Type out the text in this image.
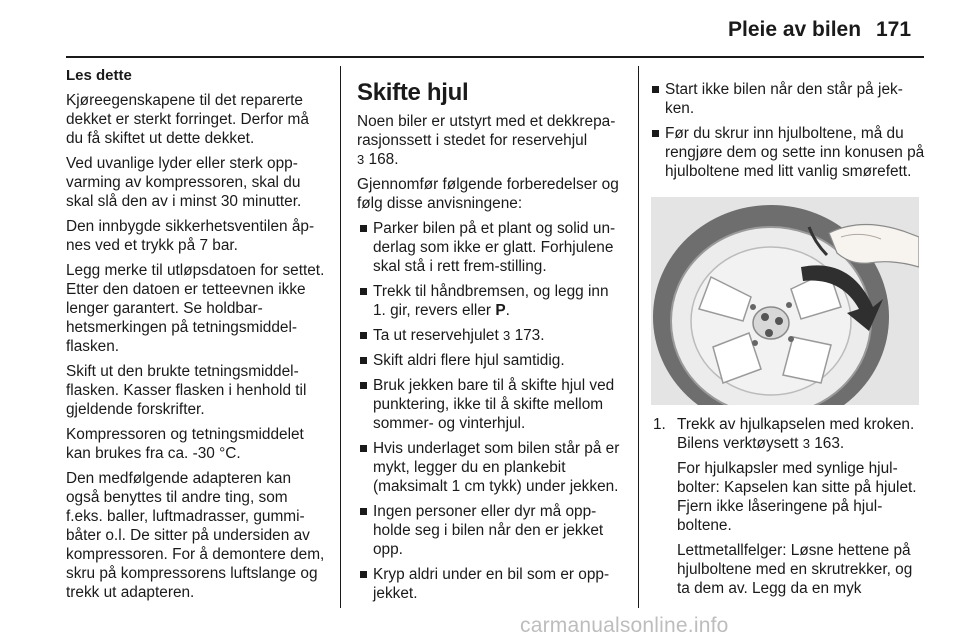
Pleie av bilen 171

Les dette

Kjøreegenskapene til det reparerte dekket er sterkt forringet. Derfor må du få skiftet ut dette dekket.

Ved uvanlige lyder eller sterk oppvarming av kompressoren, skal du skal slå den av i minst 30 minutter.

Den innbygde sikkerhetsventilen åpnes ved et trykk på 7 bar.

Legg merke til utløpsdatoen for settet. Etter den datoen er tetteevnen ikke lenger garantert. Se holdbarhetsmerkingen på tetningsmiddelflasken.

Skift ut den brukte tetningsmiddelflasken. Kasser flasken i henhold til gjeldende forskrifter.

Kompressoren og tetningsmiddelet kan brukes fra ca. -30 °C.

Den medfølgende adapteren kan også benyttes til andre ting, som f.eks. baller, luftmadrasser, gummibåter o.l. De sitter på undersiden av kompressoren. For å demontere dem, skru på kompressorens luftslange og trekk ut adapteren.

Skifte hjul

Noen biler er utstyrt med et dekkreparasjonssett i stedet for reservehjul
3 168.

Gjennomfør følgende forberedelser og følg disse anvisningene:

Parker bilen på et plant og solid underlag som ikke er glatt. Forhjulene skal stå i rett frem-stilling.
Trekk til håndbremsen, og legg inn 1. gir, revers eller P.
Ta ut reservehjulet 3 173.
Skift aldri flere hjul samtidig.
Bruk jekken bare til å skifte hjul ved punktering, ikke til å skifte mellom sommer- og vinterhjul.
Hvis underlaget som bilen står på er mykt, legger du en plankebit (maksimalt 1 cm tykk) under jekken.
Ingen personer eller dyr må oppholde seg i bilen når den er jekket opp.
Kryp aldri under en bil som er oppjekket.
Start ikke bilen når den står på jekken.
Før du skrur inn hjulboltene, må du rengjøre dem og sette inn konusen på hjulboltene med litt vanlig smørefett.
1. Trekk av hjulkapselen med kroken. Bilens verktøysett 3 163.

For hjulkapsler med synlige hjulbolter: Kapselen kan sitte på hjulet. Fjern ikke låseringene på hjulboltene.

Lettmetallfelger: Løsne hettene på hjulboltene med en skrutrekker, og ta dem av. Legg da en myk

carmanualsonline.info
